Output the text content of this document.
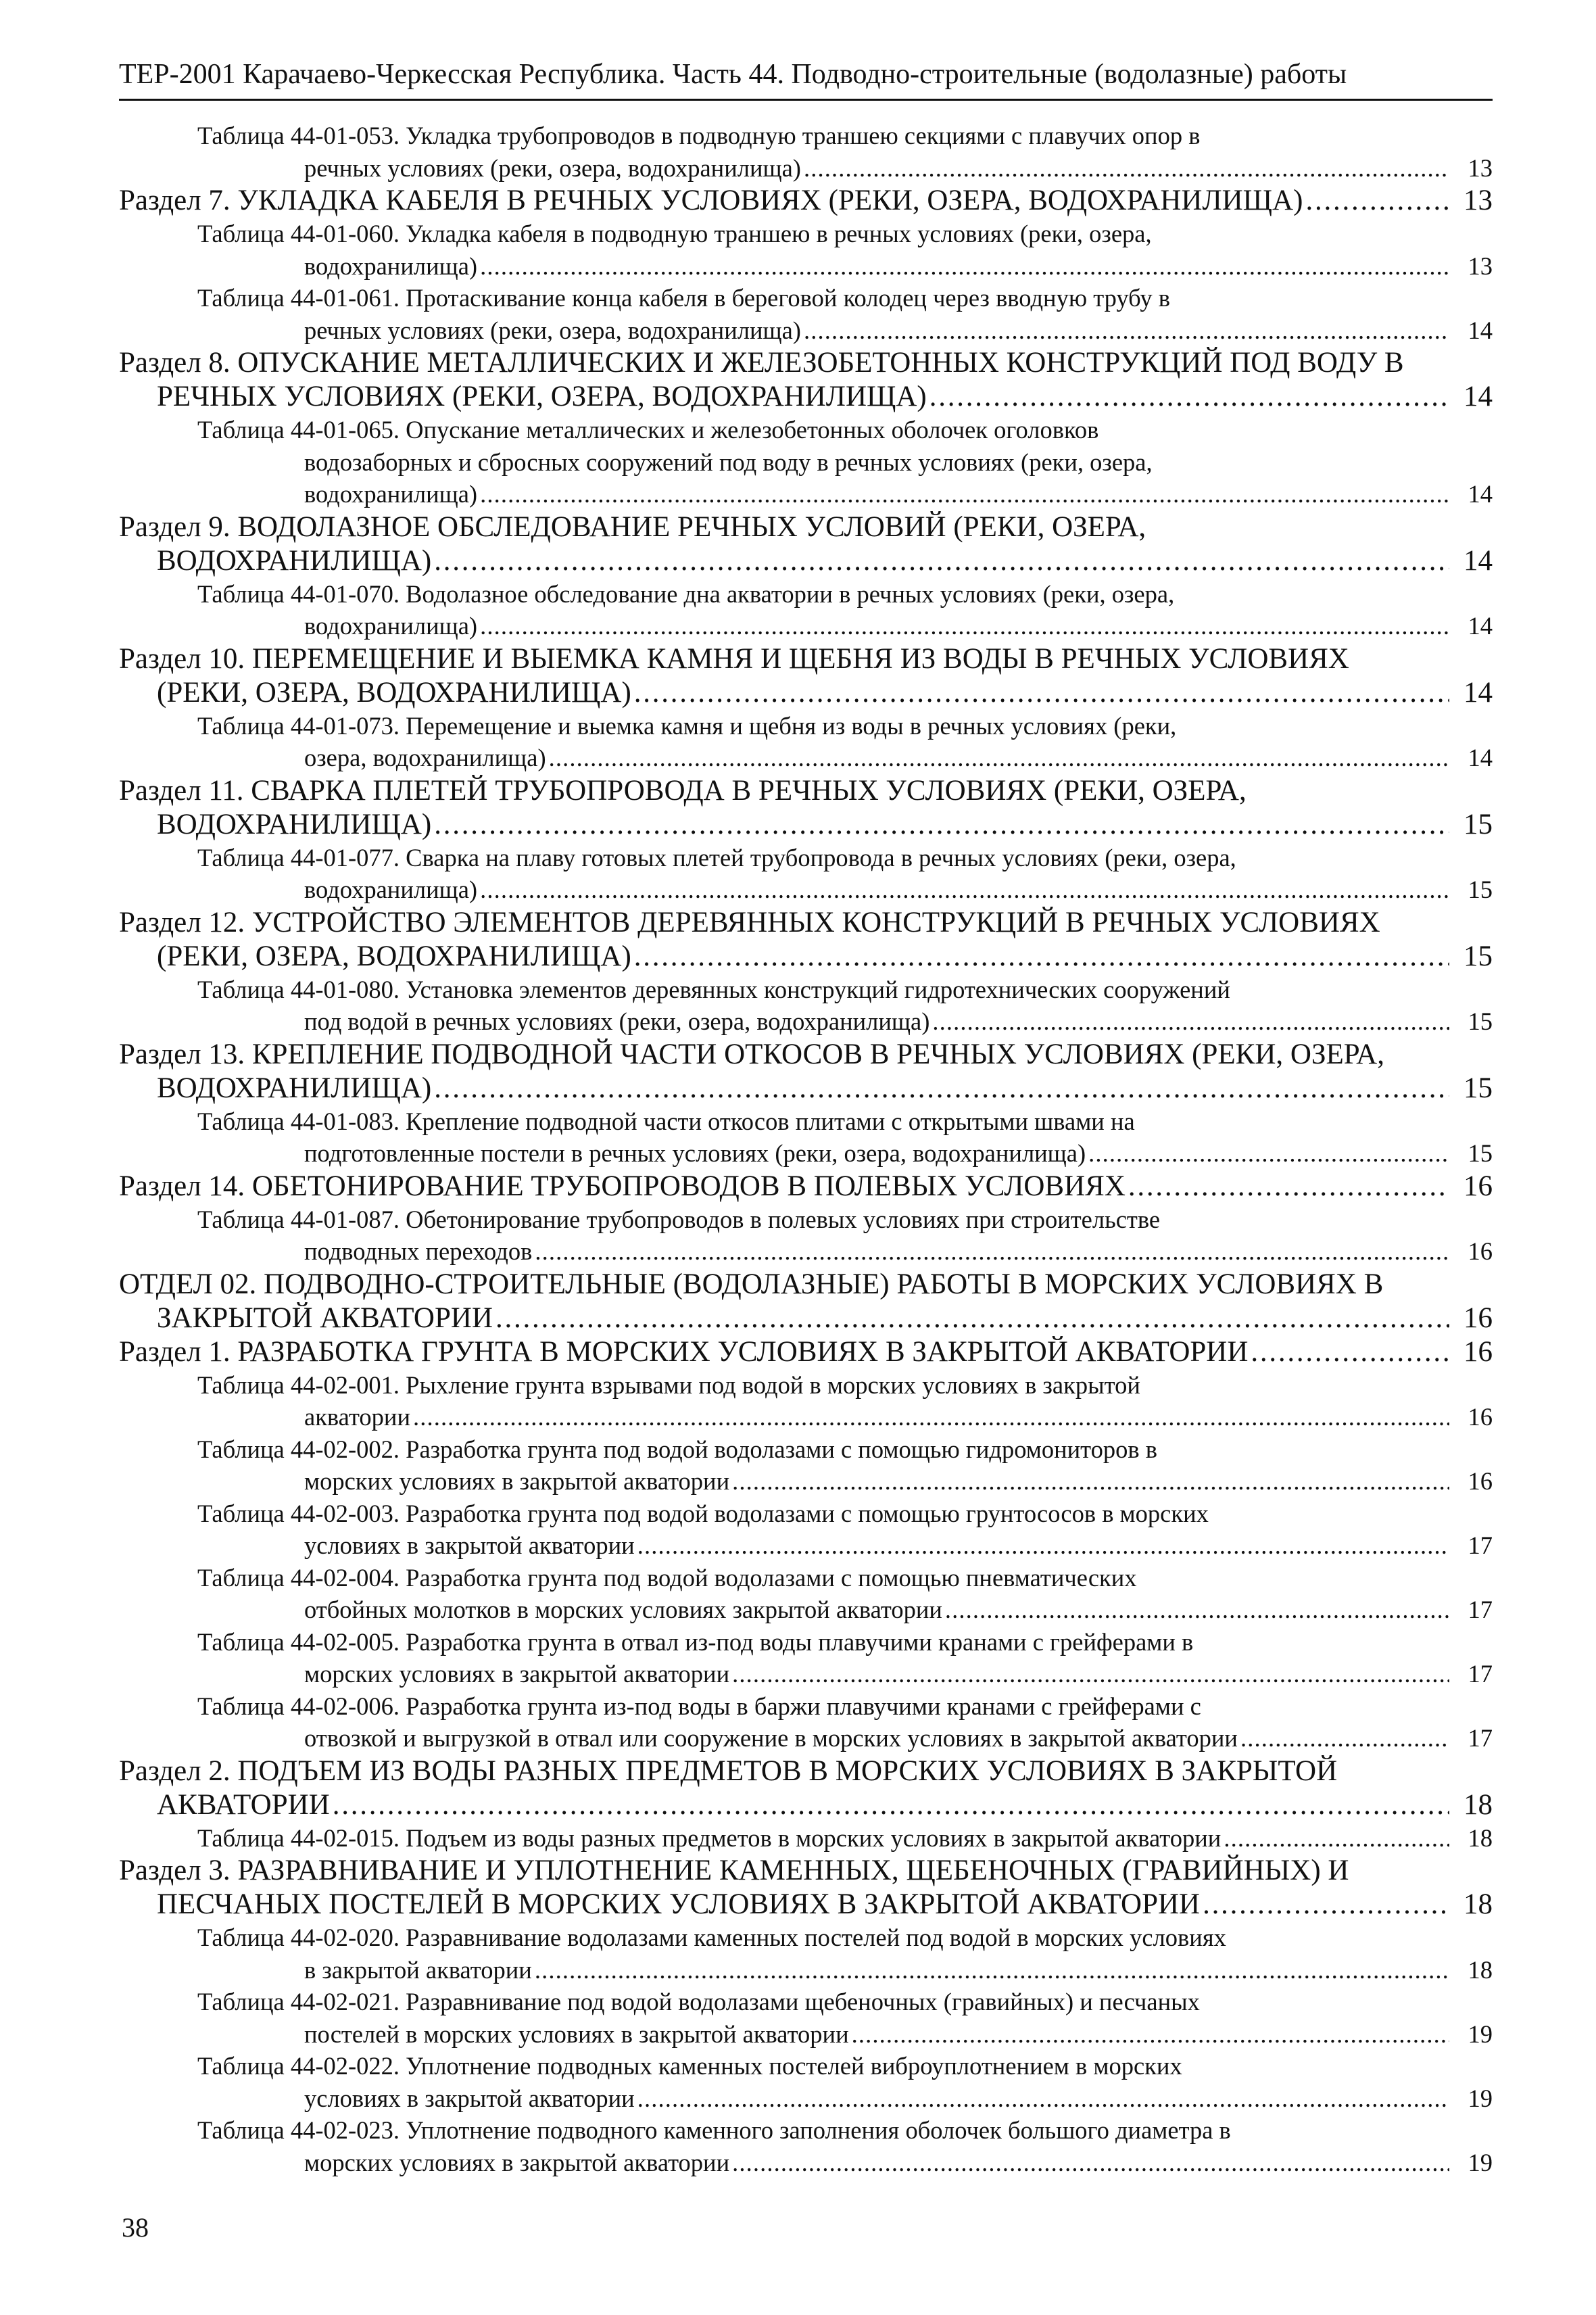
ТЕР-2001 Карачаево-Черкесская Республика. Часть 44. Подводно-строительные (водолазные) работы
Таблица 44-01-053. Укладка трубопроводов в подводную траншею секциями с плавучих опор в
речных условиях (реки, озера, водохранилища) . . .	13
Раздел 7. УКЛАДКА КАБЕЛЯ В РЕЧНЫХ УСЛОВИЯХ (РЕКИ, ОЗЕРА, ВОДОХРАНИЛИЩА) . . .	13
Таблица 44-01-060. Укладка кабеля в подводную траншею в речных условиях (реки, озера,
водохранилища) . . .	13
Таблица 44-01-061. Протаскивание конца кабеля в береговой колодец через вводную трубу в
речных условиях (реки, озера, водохранилища) . . .	14
Раздел 8. ОПУСКАНИЕ МЕТАЛЛИЧЕСКИХ И ЖЕЛЕЗОБЕТОННЫХ КОНСТРУКЦИЙ ПОД ВОДУ В
РЕЧНЫХ УСЛОВИЯХ (РЕКИ, ОЗЕРА, ВОДОХРАНИЛИЩА) . . .	14
Таблица 44-01-065. Опускание металлических и железобетонных оболочек оголовков
водозаборных и сбросных сооружений под воду в речных условиях (реки, озера,
водохранилища) . . .	14
Раздел 9. ВОДОЛАЗНОЕ ОБСЛЕДОВАНИЕ РЕЧНЫХ УСЛОВИЙ (РЕКИ, ОЗЕРА,
ВОДОХРАНИЛИЩА) . . .	14
Таблица 44-01-070. Водолазное обследование дна акватории в речных условиях (реки, озера,
водохранилища) . . .	14
Раздел 10. ПЕРЕМЕЩЕНИЕ И ВЫЕМКА КАМНЯ И ЩЕБНЯ ИЗ ВОДЫ В РЕЧНЫХ УСЛОВИЯХ
(РЕКИ, ОЗЕРА, ВОДОХРАНИЛИЩА) . . .	14
Таблица 44-01-073. Перемещение и выемка камня и щебня из воды в речных условиях (реки,
озера, водохранилища) . . .	14
Раздел 11. СВАРКА ПЛЕТЕЙ ТРУБОПРОВОДА В РЕЧНЫХ УСЛОВИЯХ (РЕКИ, ОЗЕРА,
ВОДОХРАНИЛИЩА) . . .	15
Таблица 44-01-077. Сварка на плаву готовых плетей трубопровода в речных условиях (реки, озера,
водохранилища) . . .	15
Раздел 12. УСТРОЙСТВО ЭЛЕМЕНТОВ ДЕРЕВЯННЫХ КОНСТРУКЦИЙ В РЕЧНЫХ УСЛОВИЯХ
(РЕКИ, ОЗЕРА, ВОДОХРАНИЛИЩА) . . .	15
Таблица 44-01-080. Установка элементов деревянных конструкций гидротехнических сооружений
под водой в речных условиях (реки, озера, водохранилища) . . .	15
Раздел 13. КРЕПЛЕНИЕ ПОДВОДНОЙ ЧАСТИ ОТКОСОВ В РЕЧНЫХ УСЛОВИЯХ (РЕКИ, ОЗЕРА,
ВОДОХРАНИЛИЩА) . . .	15
Таблица 44-01-083. Крепление подводной части откосов плитами с открытыми швами на
подготовленные постели в речных условиях (реки, озера, водохранилища) . . .	15
Раздел 14. ОБЕТОНИРОВАНИЕ ТРУБОПРОВОДОВ В ПОЛЕВЫХ УСЛОВИЯХ . . .	16
Таблица 44-01-087. Обетонирование трубопроводов в полевых условиях при строительстве
подводных переходов . . .	16
ОТДЕЛ 02. ПОДВОДНО-СТРОИТЕЛЬНЫЕ (ВОДОЛАЗНЫЕ) РАБОТЫ В МОРСКИХ УСЛОВИЯХ В
ЗАКРЫТОЙ АКВАТОРИИ . . .	16
Раздел 1. РАЗРАБОТКА ГРУНТА В МОРСКИХ УСЛОВИЯХ В ЗАКРЫТОЙ АКВАТОРИИ . . .	16
Таблица 44-02-001. Рыхление грунта взрывами под водой в морских условиях в закрытой
акватории . . .	16
Таблица 44-02-002. Разработка грунта под водой водолазами с помощью гидромониторов в
морских условиях в закрытой акватории . . .	16
Таблица 44-02-003. Разработка грунта под водой водолазами с помощью грунтососов в морских
условиях в закрытой акватории . . .	17
Таблица 44-02-004. Разработка грунта под водой водолазами с помощью пневматических
отбойных молотков в морских условиях закрытой акватории . . .	17
Таблица 44-02-005. Разработка грунта в отвал из-под воды плавучими кранами с грейферами в
морских условиях в закрытой акватории . . .	17
Таблица 44-02-006. Разработка грунта из-под воды в баржи плавучими кранами с грейферами с
отвозкой и выгрузкой в отвал или сооружение в морских условиях в закрытой акватории . . .	17
Раздел 2. ПОДЪЕМ ИЗ ВОДЫ РАЗНЫХ ПРЕДМЕТОВ В МОРСКИХ УСЛОВИЯХ В ЗАКРЫТОЙ
АКВАТОРИИ . . .	18
Таблица 44-02-015. Подъем из воды разных предметов в морских условиях в закрытой акватории . . .	18
Раздел 3. РАЗРАВНИВАНИЕ И УПЛОТНЕНИЕ КАМЕННЫХ, ЩЕБЕНОЧНЫХ (ГРАВИЙНЫХ) И
ПЕСЧАНЫХ ПОСТЕЛЕЙ В МОРСКИХ УСЛОВИЯХ В ЗАКРЫТОЙ АКВАТОРИИ . . .	18
Таблица 44-02-020. Разравнивание водолазами каменных постелей под водой в морских условиях
в закрытой акватории . . .	18
Таблица 44-02-021. Разравнивание под водой водолазами щебеночных (гравийных) и песчаных
постелей в морских условиях в закрытой акватории . . .	19
Таблица 44-02-022. Уплотнение подводных каменных постелей виброуплотнением в морских
условиях в закрытой акватории . . .	19
Таблица 44-02-023. Уплотнение подводного каменного заполнения оболочек большого диаметра в
морских условиях в закрытой акватории . . .	19
38
